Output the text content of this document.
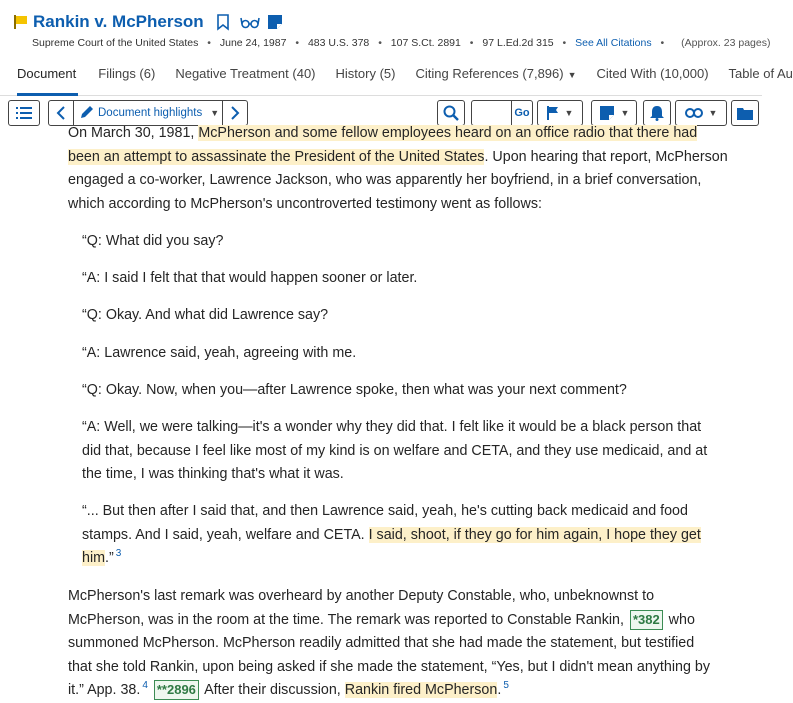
Rankin v. McPherson
Supreme Court of the United States • June 24, 1987 • 483 U.S. 378 • 107 S.Ct. 2891 • 97 L.Ed.2d 315 • See All Citations • (Approx. 23 pages)
Document Filings (6) Negative Treatment (40) History (5) Citing References (7,896) ▼ Cited With (10,000) Table of Au
Document highlights ▼	Go	▼	▼	▼
On March 30, 1981, McPherson and some fellow employees heard on an office radio that there had been an attempt to assassinate the President of the United States. Upon hearing that report, McPherson engaged a co-worker, Lawrence Jackson, who was apparently her boyfriend, in a brief conversation, which according to McPherson's uncontroverted testimony went as follows:
“Q: What did you say?
“A: I said I felt that that would happen sooner or later.
“Q: Okay. And what did Lawrence say?
“A: Lawrence said, yeah, agreeing with me.
“Q: Okay. Now, when you—after Lawrence spoke, then what was your next comment?
“A: Well, we were talking—it's a wonder why they did that. I felt like it would be a black person that did that, because I feel like most of my kind is on welfare and CETA, and they use medicaid, and at the time, I was thinking that's what it was.
“... But then after I said that, and then Lawrence said, yeah, he's cutting back medicaid and food stamps. And I said, yeah, welfare and CETA. I said, shoot, if they go for him again, I hope they get him.” $^3$
McPherson's last remark was overheard by another Deputy Constable, who, unbeknownst to McPherson, was in the room at the time. The remark was reported to Constable Rankin, *382 who summoned McPherson. McPherson readily admitted that she had made the statement, but testified that she told Rankin, upon being asked if she made the statement, “Yes, but I didn't mean anything by it.” App. 38. $^4$ **2896 After their discussion, Rankin fired McPherson. $^5$
